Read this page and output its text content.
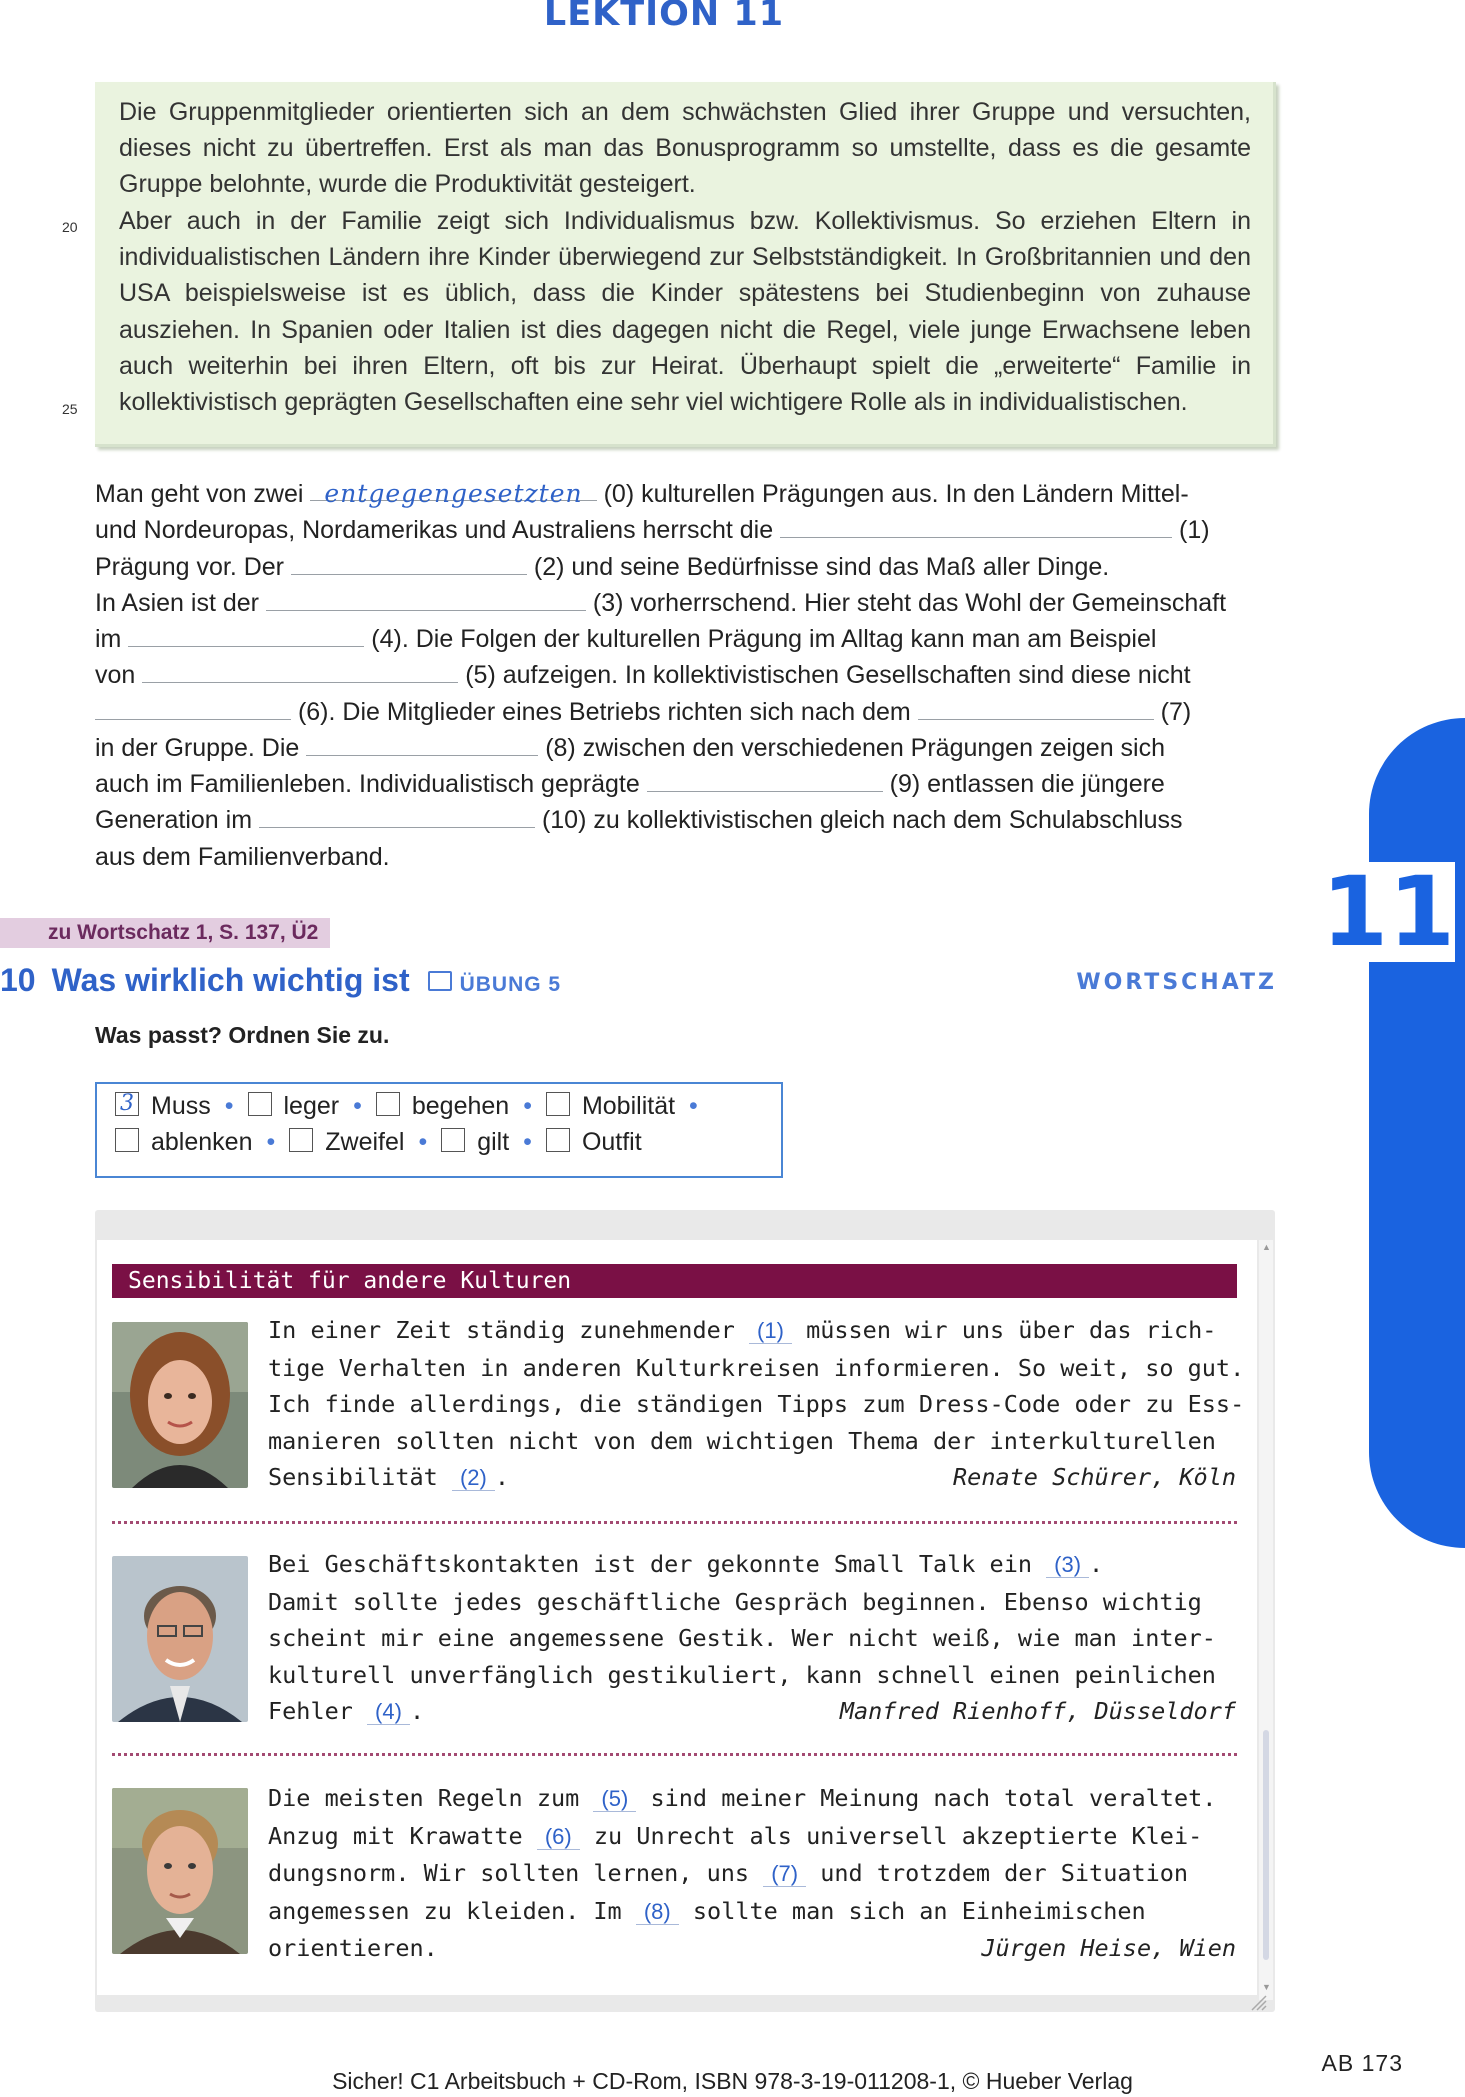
LEKTION 11

Die Gruppenmitglieder orientierten sich an dem schwächsten Glied ihrer Gruppe und versuchten, dieses nicht zu übertreffen. Erst als man das Bonusprogramm so umstellte, dass es die gesamte Gruppe belohnte, wurde die Produktivität gesteigert.

Aber auch in der Familie zeigt sich Individualismus bzw. Kollektivismus. So erziehen Eltern in individualistischen Ländern ihre Kinder überwiegend zur Selbstständigkeit. In Großbritannien und den USA beispielsweise ist es üblich, dass die Kinder spätestens bei Studienbeginn von zuhause ausziehen. In Spanien oder Italien ist dies dagegen nicht die Regel, viele junge Erwachsene leben auch weiterhin bei ihren Eltern, oft bis zur Heirat. Überhaupt spielt die „erweiterte“ Familie in kollektivistisch geprägten Gesellschaften eine sehr viel wichtigere Rolle als in individualistischen.

20
25
Man geht von zwei entgegengesetzten (0) kulturellen Prägungen aus. In den Ländern Mittel-
und Nordeuropas, Nordamerikas und Australiens herrscht die	(1)
Prägung vor. Der	(2) und seine Bedürfnisse sind das Maß aller Dinge.
In Asien ist der	(3) vorherrschend. Hier steht das Wohl der Gemeinschaft
im	(4). Die Folgen der kulturellen Prägung im Alltag kann man am Beispiel
von	(5) aufzeigen. In kollektivistischen Gesellschaften sind diese nicht
(6). Die Mitglieder eines Betriebs richten sich nach dem	(7)
in der Gruppe. Die	(8) zwischen den verschiedenen Prägungen zeigen sich
auch im Familienleben. Individualistisch geprägte	(9) entlassen die jüngere
Generation im	(10) zu kollektivistischen gleich nach dem Schulabschluss
aus dem Familienverband.
zu Wortschatz 1, S. 137, Ü2
10 Was wirklich wichtig ist ÜBUNG 5	WORTSCHATZ
Was passt? Ordnen Sie zu.
3 Muss • leger • begehen • Mobilität •
ablenken • Zweifel • gilt • Outfit
▲
▼
Sensibilität für andere Kulturen
In einer Zeit ständig zunehmender (1) müssen wir uns über das rich-
tige Verhalten in anderen Kulturkreisen informieren. So weit, so gut.
Ich finde allerdings, die ständigen Tipps zum Dress-Code oder zu Ess-
manieren sollten nicht von dem wichtigen Thema der interkulturellen
Sensibilität (2) .	Renate Schürer, Köln
Bei Geschäftskontakten ist der gekonnte Small Talk ein (3) .
Damit sollte jedes geschäftliche Gespräch beginnen. Ebenso wichtig
scheint mir eine angemessene Gestik. Wer nicht weiß, wie man inter-
kulturell unverfänglich gestikuliert, kann schnell einen peinlichen
Fehler (4) .	Manfred Rienhoff, Düsseldorf
Die meisten Regeln zum (5) sind meiner Meinung nach total veraltet.
Anzug mit Krawatte (6) zu Unrecht als universell akzeptierte Klei-
dungsnorm. Wir sollten lernen, uns (7) und trotzdem der Situation
angemessen zu kleiden. Im (8) sollte man sich an Einheimischen
orientieren.	Jürgen Heise, Wien
11
Sicher! C1 Arbeitsbuch + CD-Rom, ISBN 978-3-19-011208-1, © Hueber Verlag
AB 173
